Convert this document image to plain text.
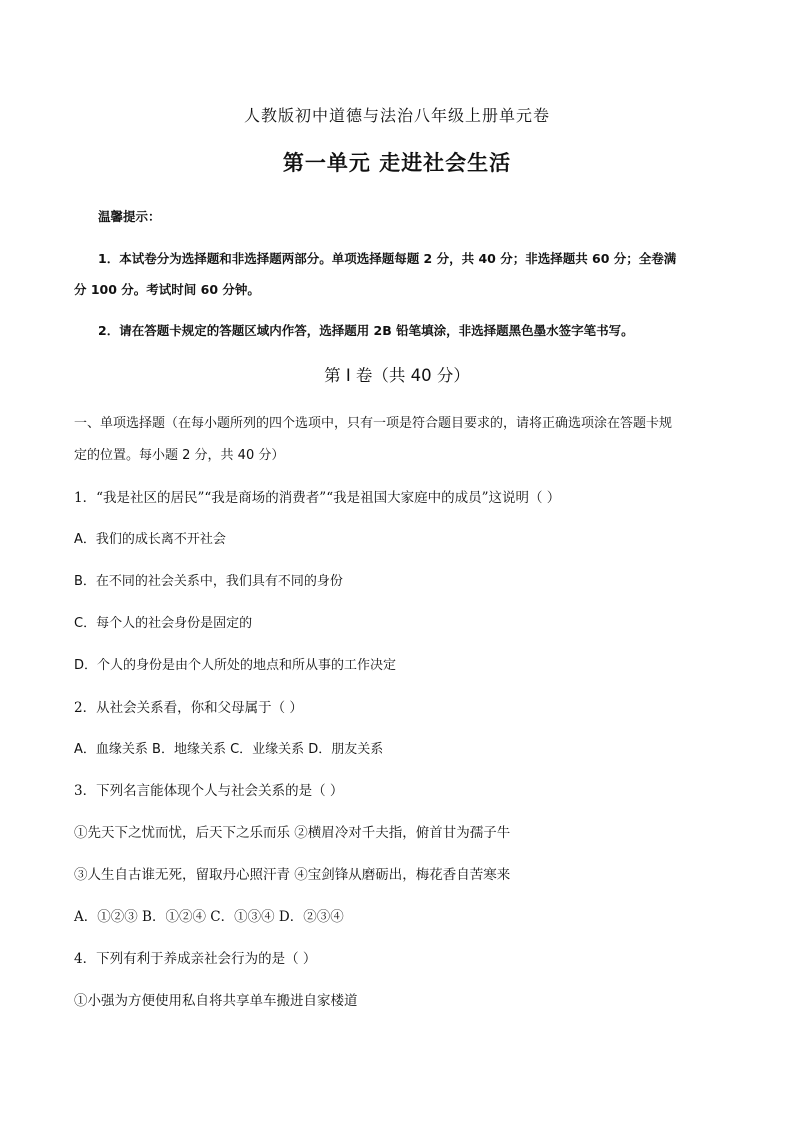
人教版初中道德与法治八年级上册单元卷
第一单元 走进社会生活
温馨提示：
1．本试卷分为选择题和非选择题两部分。单项选择题每题 2 分，共 40 分；非选择题共 60 分；全卷满
分 100 分。考试时间 60 分钟。
2．请在答题卡规定的答题区域内作答，选择题用 2B 铅笔填涂，非选择题黑色墨水签字笔书写。
第 Ⅰ 卷（共 40 分）
一、单项选择题（在每小题所列的四个选项中，只有一项是符合题目要求的，请将正确选项涂在答题卡规
定的位置。每小题 2 分，共 40 分）
1．“我是社区的居民”“我是商场的消费者”“我是祖国大家庭中的成员”这说明（ ）
A．我们的成长离不开社会
B．在不同的社会关系中，我们具有不同的身份
C．每个人的社会身份是固定的
D．个人的身份是由个人所处的地点和所从事的工作决定
2．从社会关系看，你和父母属于（ ）
A．血缘关系 B．地缘关系 C．业缘关系 D．朋友关系
3．下列名言能体现个人与社会关系的是（ ）
①先天下之忧而忧，后天下之乐而乐 ②横眉冷对千夫指，俯首甘为孺子牛
③人生自古谁无死，留取丹心照汗青 ④宝剑锋从磨砺出，梅花香自苦寒来
A．①②③ B．①②④ C．①③④ D．②③④
4．下列有利于养成亲社会行为的是（ ）
①小强为方便使用私自将共享单车搬进自家楼道
